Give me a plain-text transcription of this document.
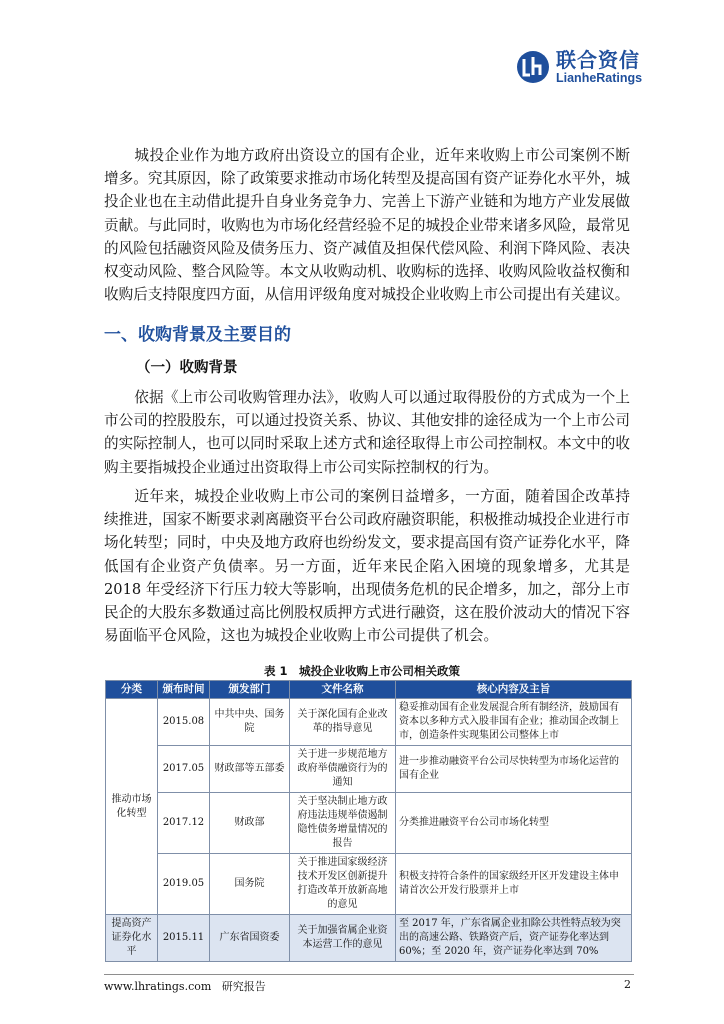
联合资信
LianheRatings

城投企业作为地方政府出资设立的国有企业，近年来收购上市公司案例不断增多。究其原因，除了政策要求推动市场化转型及提高国有资产证券化水平外，城投企业也在主动借此提升自身业务竞争力、完善上下游产业链和为地方产业发展做贡献。与此同时，收购也为市场化经营经验不足的城投企业带来诸多风险，最常见的风险包括融资风险及债务压力、资产减值及担保代偿风险、利润下降风险、表决权变动风险、整合风险等。本文从收购动机、收购标的选择、收购风险收益权衡和收购后支持限度四方面，从信用评级角度对城投企业收购上市公司提出有关建议。

一、收购背景及主要目的
（一）收购背景

依据《上市公司收购管理办法》，收购人可以通过取得股份的方式成为一个上市公司的控股股东，可以通过投资关系、协议、其他安排的途径成为一个上市公司的实际控制人，也可以同时采取上述方式和途径取得上市公司控制权。本文中的收购主要指城投企业通过出资取得上市公司实际控制权的行为。

近年来，城投企业收购上市公司的案例日益增多，一方面，随着国企改革持续推进，国家不断要求剥离融资平台公司政府融资职能，积极推动城投企业进行市场化转型；同时，中央及地方政府也纷纷发文，要求提高国有资产证券化水平，降低国有企业资产负债率。另一方面，近年来民企陷入困境的现象增多，尤其是 2018 年受经济下行压力较大等影响，出现债务危机的民企增多，加之，部分上市民企的大股东多数通过高比例股权质押方式进行融资，这在股价波动大的情况下容易面临平仓风险，这也为城投企业收购上市公司提供了机会。

表 1　城投企业收购上市公司相关政策
分类	颁布时间	颁发部门	文件名称	核心内容及主旨
推动市场化转型	2015.08	中共中央、国务院	关于深化国有企业改革的指导意见	稳妥推动国有企业发展混合所有制经济，鼓励国有资本以多种方式入股非国有企业；推动国企改制上市，创造条件实现集团公司整体上市
	2017.05	财政部等五部委	关于进一步规范地方政府举债融资行为的通知	进一步推动融资平台公司尽快转型为市场化运营的国有企业
	2017.12	财政部	关于坚决制止地方政府违法违规举债遏制隐性债务增量情况的报告	分类推进融资平台公司市场化转型
	2019.05	国务院	关于推进国家级经济技术开发区创新提升打造改革开放新高地的意见	积极支持符合条件的国家级经开区开发建设主体申请首次公开发行股票并上市
提高资产证券化水平	2015.11	广东省国资委	关于加强省属企业资本运营工作的意见	至 2017 年，广东省属企业扣除公共性特点较为突出的高速公路、铁路资产后，资产证券化率达到 60%；至 2020 年，资产证券化率达到 70%
www.lhratings.com 研究报告	2
